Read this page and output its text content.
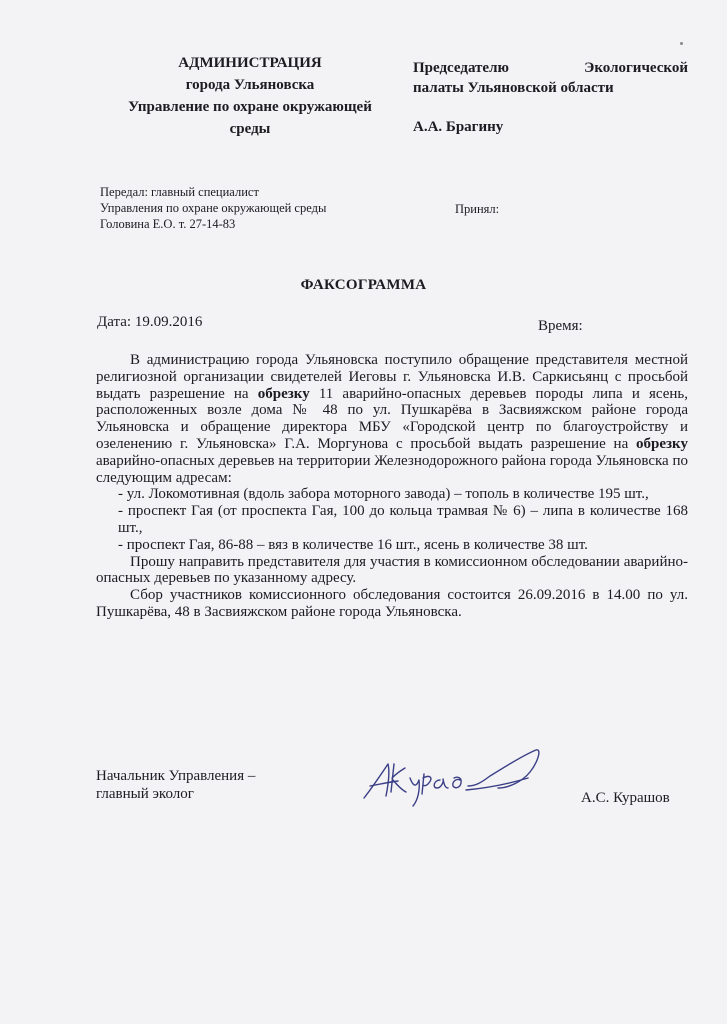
АДМИНИСТРАЦИЯ
города Ульяновска
Управление по охране окружающей
среды
Председателю	Экологической
палаты Ульяновской области
А.А. Брагину
Передал: главный специалист
Управления по охране окружающей среды
Головина Е.О. т. 27-14-83
Принял:
ФАКСОГРАММА
Дата: 19.09.2016	Время:

В администрацию города Ульяновска поступило обращение представителя местной религиозной организации свидетелей Иеговы г. Ульяновска И.В. Саркисьянц с просьбой выдать разрешение на обрезку 11 аварийно-опасных деревьев породы липа и ясень, расположенных возле дома № 48 по ул. Пушкарёва в Засвияжском районе города Ульяновска и обращение директора МБУ «Городской центр по благоустройству и озеленению г. Ульяновска» Г.А. Моргунова с просьбой выдать разрешение на обрезку аварийно-опасных деревьев на территории Железнодорожного района города Ульяновска по следующим адресам:

- ул. Локомотивная (вдоль забора моторного завода) – тополь в количестве 195 шт.,

- проспект Гая (от проспекта Гая, 100 до кольца трамвая № 6) – липа в количестве 168 шт.,

- проспект Гая, 86-88 – вяз в количестве 16 шт., ясень в количестве 38 шт.

Прошу направить представителя для участия в комиссионном обследовании аварийно-опасных деревьев по указанному адресу.

Сбор участников комиссионного обследования состоится 26.09.2016 в 14.00 по ул. Пушкарёва, 48 в Засвияжском районе города Ульяновска.

Начальник Управления –
главный эколог	А.С. Курашов
